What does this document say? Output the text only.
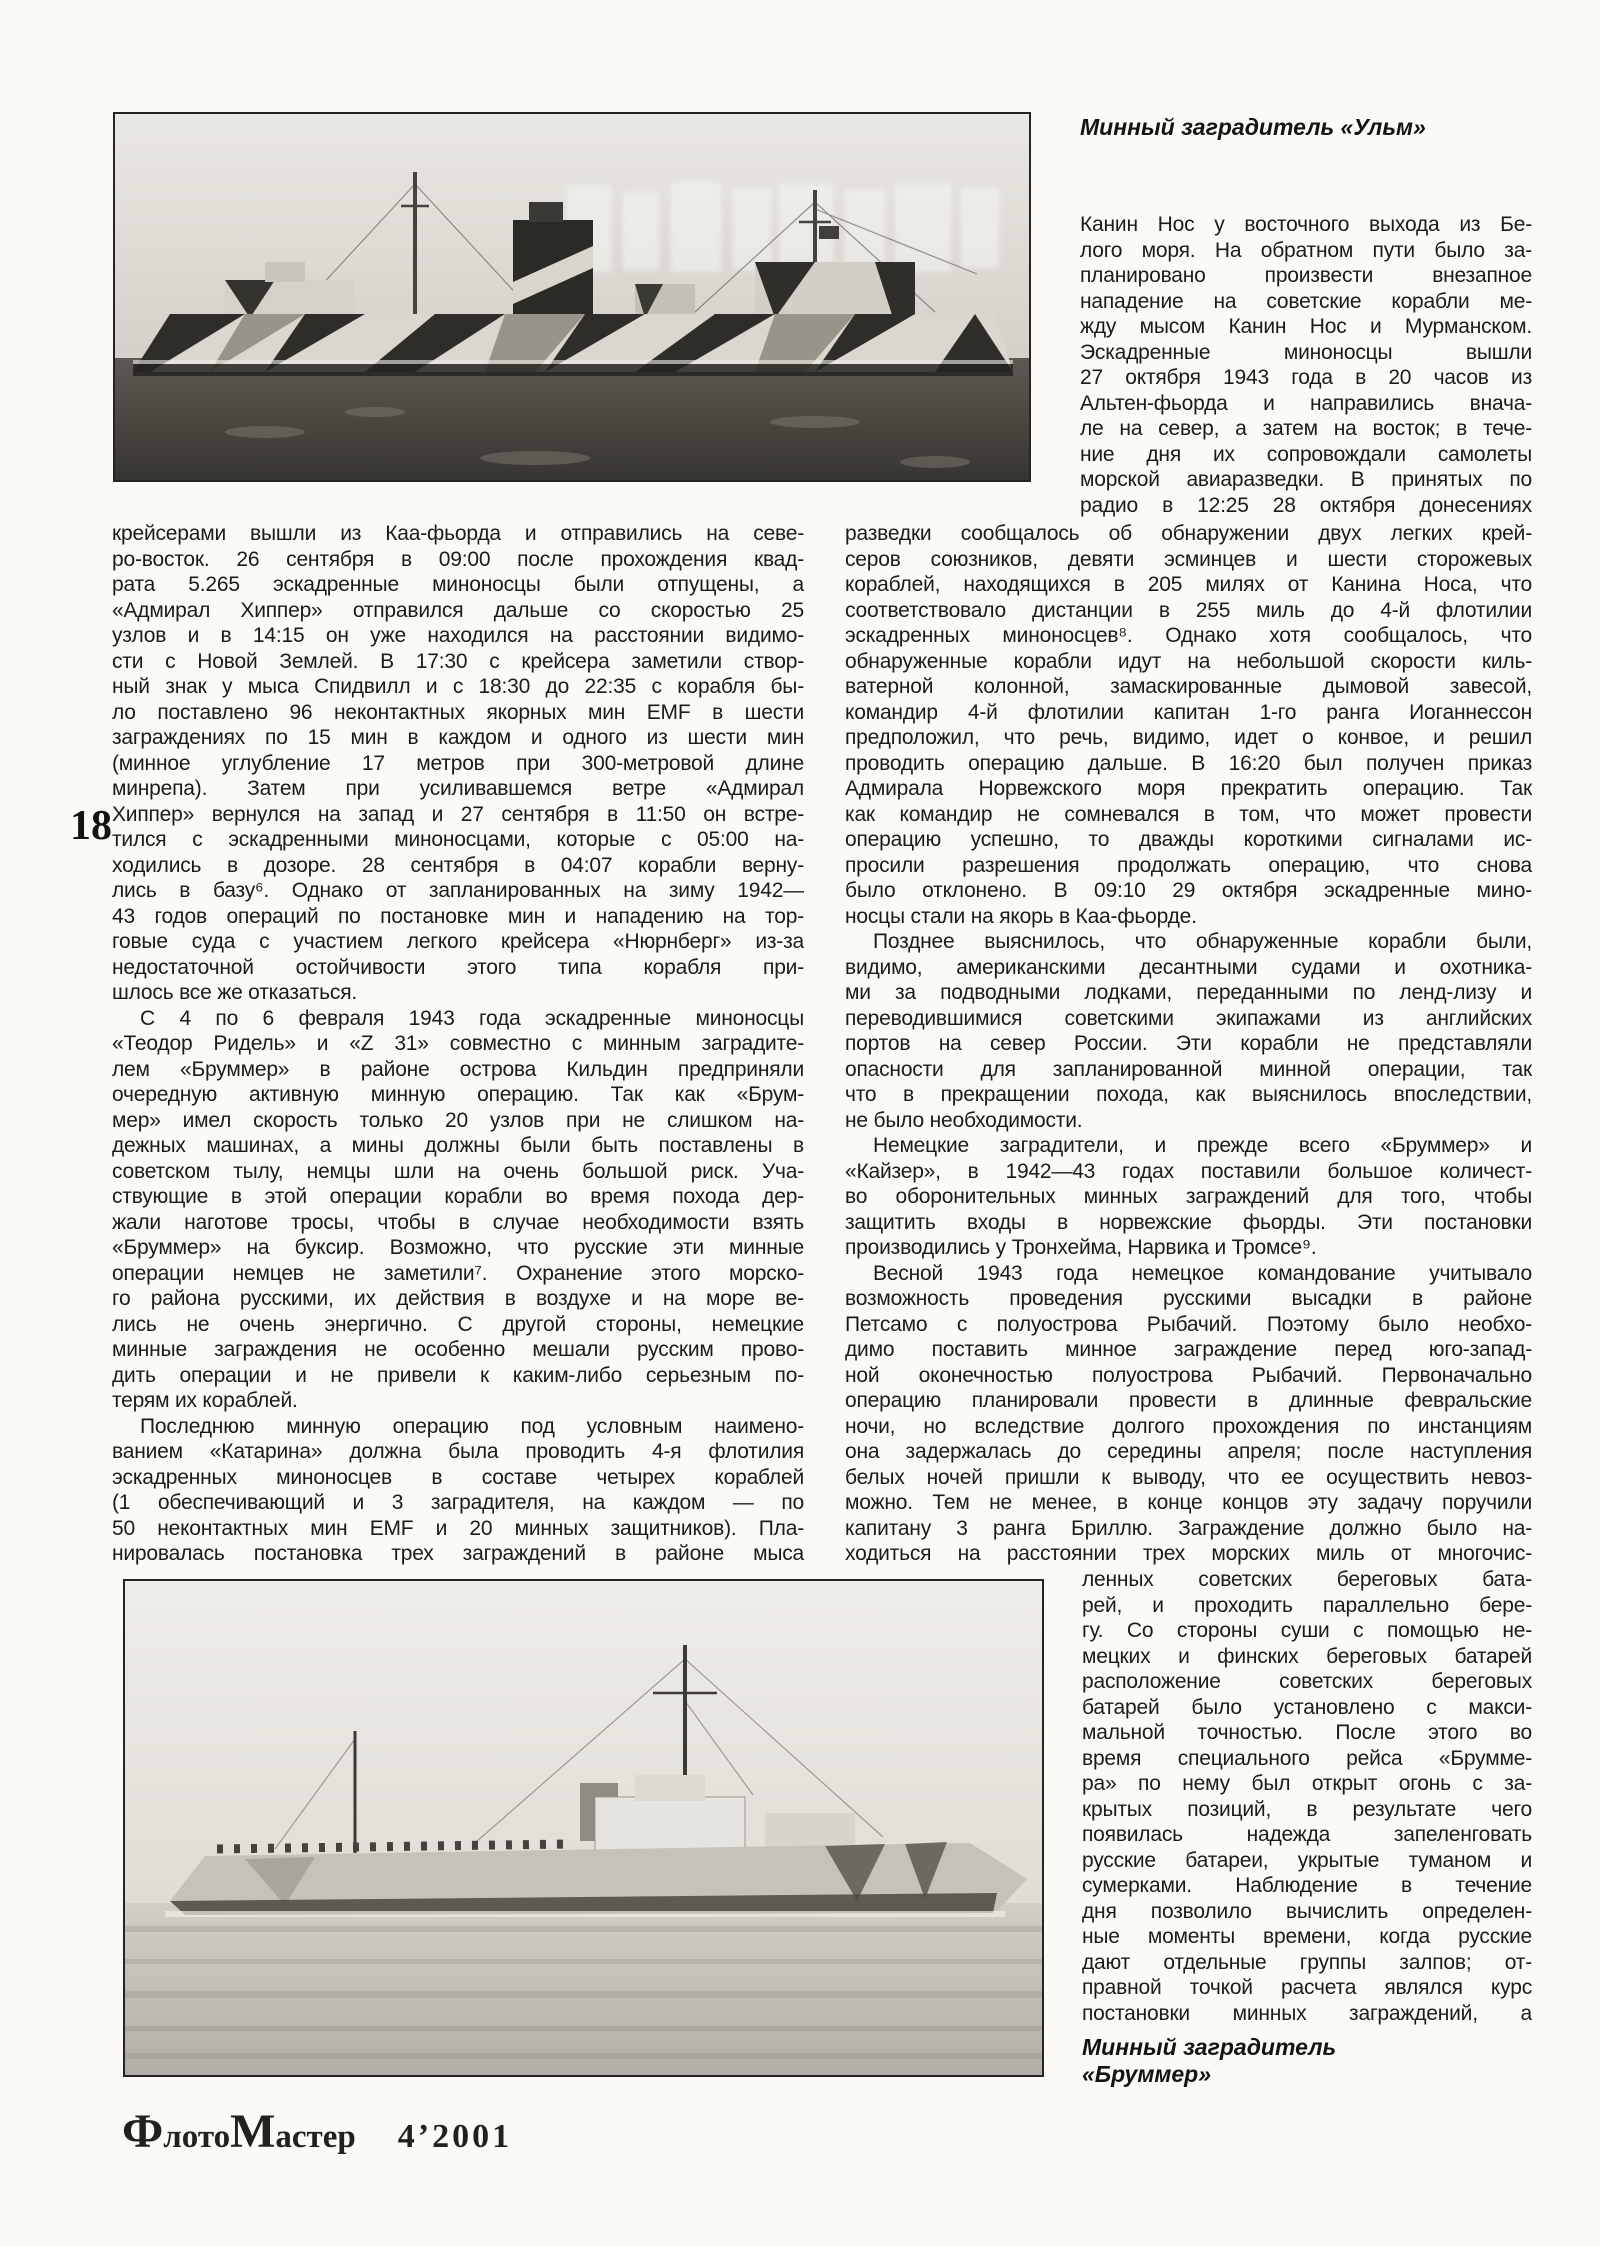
Минный заградитель «Ульм»
Канин Нос у восточного выхода из Бе-
лого моря. На обратном пути было за-
планировано произвести внезапное
нападение на советские корабли ме-
жду мысом Канин Нос и Мурманском.
Эскадренные миноносцы вышли
27 октября 1943 года в 20 часов из
Альтен-фьорда и направились внача-
ле на север, а затем на восток; в тече-
ние дня их сопровождали самолеты
морской авиаразведки. В принятых по
радио в 12:25 28 октября донесениях
разведки сообщалось об обнаружении двух легких крей-
серов союзников, девяти эсминцев и шести сторожевых
кораблей, находящихся в 205 милях от Канина Носа, что
соответствовало дистанции в 255 миль до 4-й флотилии
эскадренных миноносцев⁸. Однако хотя сообщалось, что
обнаруженные корабли идут на небольшой скорости киль-
ватерной колонной, замаскированные дымовой завесой,
командир 4-й флотилии капитан 1-го ранга Иоганнессон
предположил, что речь, видимо, идет о конвое, и решил
проводить операцию дальше. В 16:20 был получен приказ
Адмирала Норвежского моря прекратить операцию. Так
как командир не сомневался в том, что может провести
операцию успешно, то дважды короткими сигналами ис-
просили разрешения продолжать операцию, что снова
было отклонено. В 09:10 29 октября эскадренные мино-
носцы стали на якорь в Каа-фьорде.
Позднее выяснилось, что обнаруженные корабли были,
видимо, американскими десантными судами и охотника-
ми за подводными лодками, переданными по ленд-лизу и
переводившимися советскими экипажами из английских
портов на север России. Эти корабли не представляли
опасности для запланированной минной операции, так
что в прекращении похода, как выяснилось впоследствии,
не было необходимости.
Немецкие заградители, и прежде всего «Бруммер» и
«Кайзер», в 1942—43 годах поставили большое количест-
во оборонительных минных заграждений для того, чтобы
защитить входы в норвежские фьорды. Эти постановки
производились у Тронхейма, Нарвика и Тромсе⁹.
Весной 1943 года немецкое командование учитывало
возможность проведения русскими высадки в районе
Петсамо с полуострова Рыбачий. Поэтому было необхо-
димо поставить минное заграждение перед юго-запад-
ной оконечностью полуострова Рыбачий. Первоначально
операцию планировали провести в длинные февральские
ночи, но вследствие долгого прохождения по инстанциям
она задержалась до середины апреля; после наступления
белых ночей пришли к выводу, что ее осуществить невоз-
можно. Тем не менее, в конце концов эту задачу поручили
капитану 3 ранга Бриллю. Заграждение должно было на-
ходиться на расстоянии трех морских миль от многочис-
ленных советских береговых бата-
рей, и проходить параллельно бере-
гу. Со стороны суши с помощью не-
мецких и финских береговых батарей
расположение советских береговых
батарей было установлено с макси-
мальной точностью. После этого во
время специального рейса «Брумме-
ра» по нему был открыт огонь с за-
крытых позиций, в результате чего
появилась надежда запеленговать
русские батареи, укрытые туманом и
сумерками. Наблюдение в течение
дня позволило вычислить определен-
ные моменты времени, когда русские
дают отдельные группы залпов; от-
правной точкой расчета являлся курс
постановки минных заграждений, а
крейсерами вышли из Каа-фьорда и отправились на севе-
ро-восток. 26 сентября в 09:00 после прохождения квад-
рата 5.265 эскадренные миноносцы были отпущены, а
«Адмирал Хиппер» отправился дальше со скоростью 25
узлов и в 14:15 он уже находился на расстоянии видимо-
сти с Новой Землей. В 17:30 с крейсера заметили створ-
ный знак у мыса Спидвилл и с 18:30 до 22:35 с корабля бы-
ло поставлено 96 неконтактных якорных мин EMF в шести
заграждениях по 15 мин в каждом и одного из шести мин
(минное углубление 17 метров при 300-метровой длине
минрепа). Затем при усиливавшемся ветре «Адмирал
Хиппер» вернулся на запад и 27 сентября в 11:50 он встре-
тился с эскадренными миноносцами, которые с 05:00 на-
ходились в дозоре. 28 сентября в 04:07 корабли верну-
лись в базу⁶. Однако от запланированных на зиму 1942—
43 годов операций по постановке мин и нападению на тор-
говые суда с участием легкого крейсера «Нюрнберг» из-за
недостаточной остойчивости этого типа корабля при-
шлось все же отказаться.
С 4 по 6 февраля 1943 года эскадренные миноносцы
«Теодор Ридель» и «Z 31» совместно с минным заградите-
лем «Бруммер» в районе острова Кильдин предприняли
очередную активную минную операцию. Так как «Брум-
мер» имел скорость только 20 узлов при не слишком на-
дежных машинах, а мины должны были быть поставлены в
советском тылу, немцы шли на очень большой риск. Уча-
ствующие в этой операции корабли во время похода дер-
жали наготове тросы, чтобы в случае необходимости взять
«Бруммер» на буксир. Возможно, что русские эти минные
операции немцев не заметили⁷. Охранение этого морско-
го района русскими, их действия в воздухе и на море ве-
лись не очень энергично. С другой стороны, немецкие
минные заграждения не особенно мешали русским прово-
дить операции и не привели к каким-либо серьезным по-
терям их кораблей.
Последнюю минную операцию под условным наимено-
ванием «Катарина» должна была проводить 4-я флотилия
эскадренных миноносцев в составе четырех кораблей
(1 обеспечивающий и 3 заградителя, на каждом — по
50 неконтактных мин EMF и 20 минных защитников). Пла-
нировалась постановка трех заграждений в районе мыса
18
Минный заградитель
«Бруммер»
ФлотоМастер 4’2001
